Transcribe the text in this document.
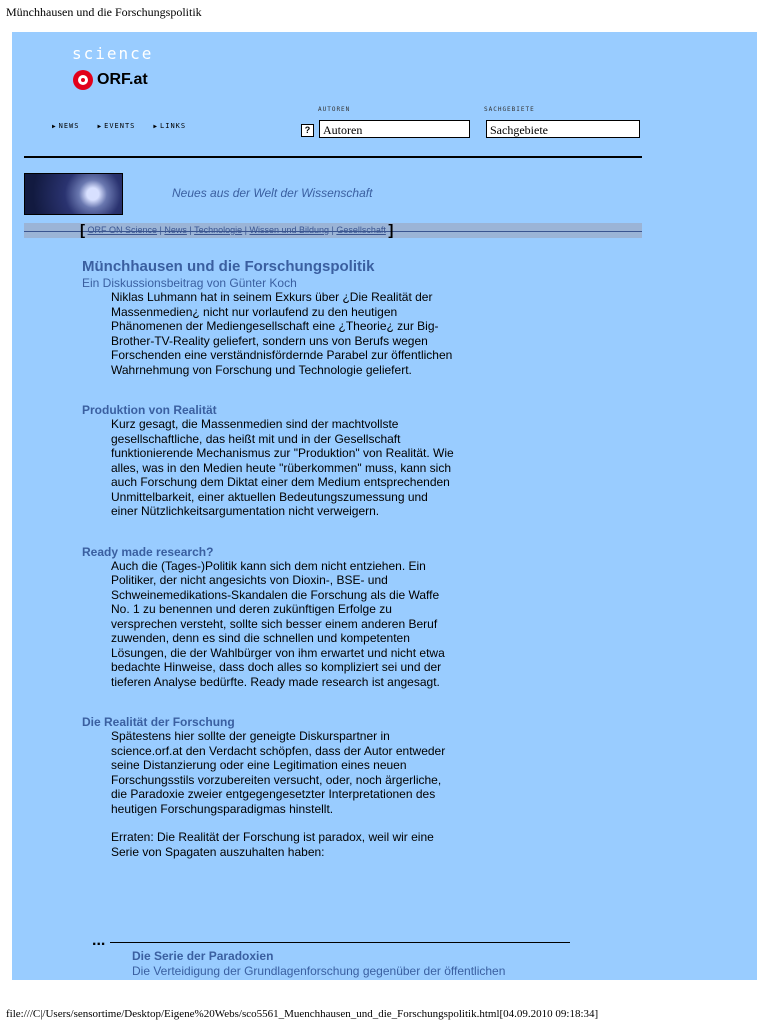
Münchhausen und die Forschungspolitik
science
ORF.at
▶ NEWS	▶ EVENTS	▶ LINKS
AUTOREN	SACHGEBIETE
?	Autoren	Sachgebiete
Neues aus der Welt der Wissenschaft
[ ORF ON Science | News | Technologie | Wissen und Bildung | Gesellschaft ]
Münchhausen und die Forschungspolitik
Ein Diskussionsbeitrag von Günter Koch
Niklas Luhmann hat in seinem Exkurs über ¿Die Realität der Massenmedien¿ nicht nur vorlaufend zu den heutigen Phänomenen der Mediengesellschaft eine ¿Theorie¿ zur Big-Brother-TV-Reality geliefert, sondern uns von Berufs wegen Forschenden eine verständnisfördernde Parabel zur öffentlichen Wahrnehmung von Forschung und Technologie geliefert.
Produktion von Realität
Kurz gesagt, die Massenmedien sind der machtvollste gesellschaftliche, das heißt mit und in der Gesellschaft funktionierende Mechanismus zur "Produktion" von Realität. Wie alles, was in den Medien heute "rüberkommen" muss, kann sich auch Forschung dem Diktat einer dem Medium entsprechenden Unmittelbarkeit, einer aktuellen Bedeutungszumessung und einer Nützlichkeitsargumentation nicht verweigern.
Ready made research?
Auch die (Tages-)Politik kann sich dem nicht entziehen. Ein Politiker, der nicht angesichts von Dioxin-, BSE- und Schweinemedikations-Skandalen die Forschung als die Waffe No. 1 zu benennen und deren zukünftigen Erfolge zu versprechen versteht, sollte sich besser einem anderen Beruf zuwenden, denn es sind die schnellen und kompetenten Lösungen, die der Wahlbürger von ihm erwartet und nicht etwa bedachte Hinweise, dass doch alles so kompliziert sei und der tieferen Analyse bedürfte. Ready made research ist angesagt.
Die Realität der Forschung
Spätestens hier sollte der geneigte Diskurspartner in science.orf.at den Verdacht schöpfen, dass der Autor entweder seine Distanzierung oder eine Legitimation eines neuen Forschungsstils vorzubereiten versucht, oder, noch ärgerliche, die Paradoxie zweier entgegengesetzter Interpretationen des heutigen Forschungsparadigmas hinstellt.
Erraten: Die Realität der Forschung ist paradox, weil wir eine Serie von Spagaten auszuhalten haben:
...
Die Serie der Paradoxien
Die Verteidigung der Grundlagenforschung gegenüber der öffentlichen
file:///C|/Users/sensortime/Desktop/Eigene%20Webs/sco5561_Muenchhausen_und_die_Forschungspolitik.html[04.09.2010 09:18:34]
